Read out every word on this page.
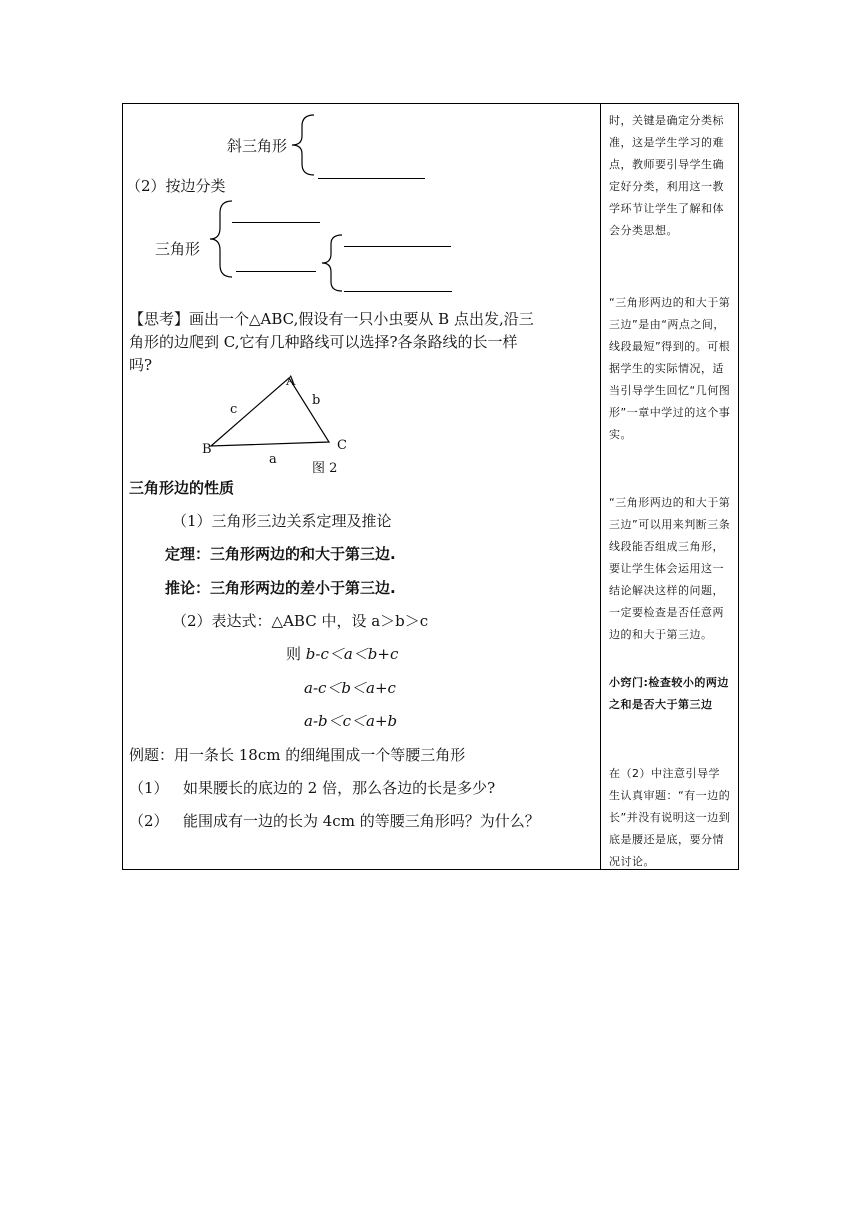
斜三角形
（2）按边分类
三角形
【思考】画出一个△ABC,假设有一只小虫要从 B 点出发,沿三
角形的边爬到 C,它有几种路线可以选择?各条路线的长一样
吗?
A
B	C
c
b
a
图 2
三角形边的性质
（1）三角形三边关系定理及推论
定理：三角形两边的和大于第三边.
推论：三角形两边的差小于第三边.
（2）表达式：△ABC 中，设 a＞b＞c
则 b-c＜a＜b+c
a-c＜b＜a+c
a-b＜c＜a+b
例题：用一条长 18cm 的细绳围成一个等腰三角形
（1） 如果腰长的底边的 2 倍，那么各边的长是多少?
（2） 能围成有一边的长为 4cm 的等腰三角形吗？为什么？
时，关键是确定分类标准，这是学生学习的难点，教师要引导学生确定好分类，利用这一教学环节让学生了解和体会分类思想。
“三角形两边的和大于第三边”是由“两点之间，线段最短”得到的。可根据学生的实际情况，适当引导学生回忆“几何图形”一章中学过的这个事实。
“三角形两边的和大于第三边”可以用来判断三条线段能否组成三角形，要让学生体会运用这一结论解决这样的问题，一定要检查是否任意两边的和大于第三边。
小窍门:检查较小的两边之和是否大于第三边
在（2）中注意引导学生认真审题：“有一边的长”并没有说明这一边到底是腰还是底，要分情况讨论。
